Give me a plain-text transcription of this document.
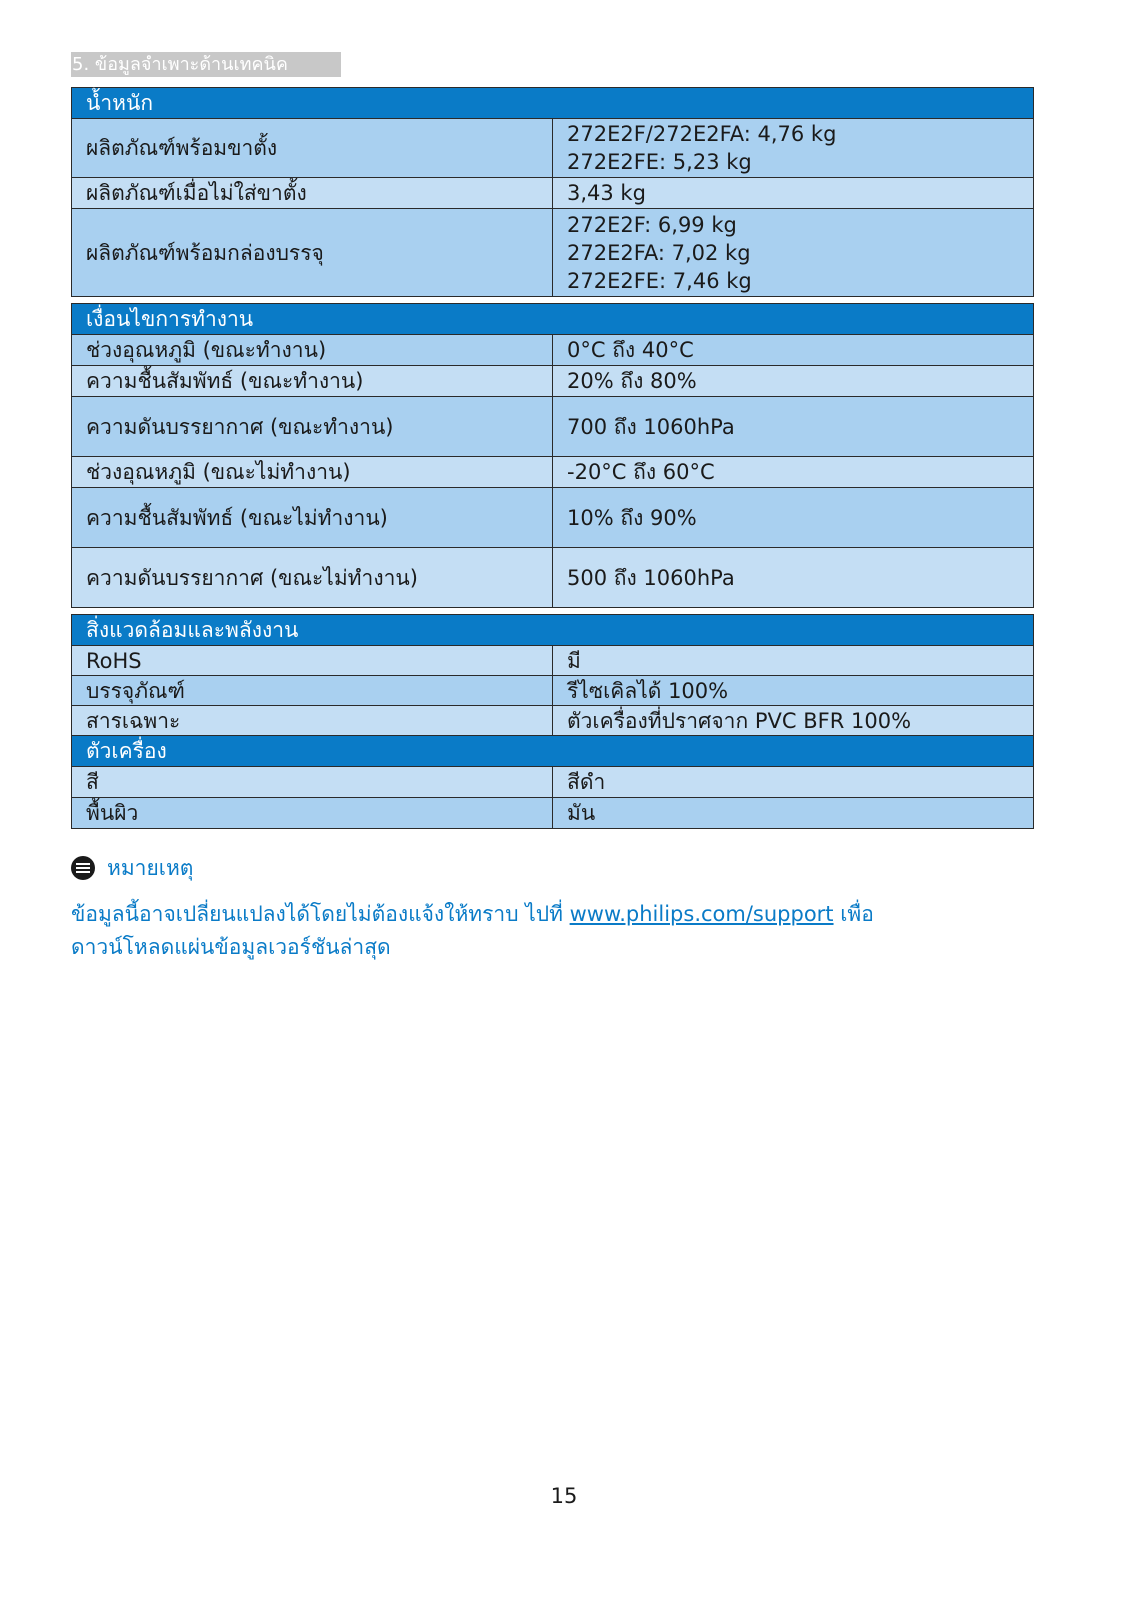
5. ข้อมูลจำเพาะด้านเทคนิค
น้ำหนัก	
ผลิตภัณฑ์พร้อมขาตั้ง	272E2F/272E2FA: 4,76 kg
272E2FE: 5,23 kg

ผลิตภัณฑ์เมื่อไม่ใส่ขาตั้ง	3,43 kg
ผลิตภัณฑ์พร้อมกล่องบรรจุ	272E2F: 6,99 kg
272E2FA: 7,02 kg
272E2FE: 7,46 kg
เงื่อนไขการทำงาน	
ช่วงอุณหภูมิ (ขณะทำงาน)	0°C ถึง 40°C
ความชื้นสัมพัทธ์ (ขณะทำงาน)	20% ถึง 80%
ความดันบรรยากาศ (ขณะทำงาน)	700 ถึง 1060hPa
ช่วงอุณหภูมิ (ขณะไม่ทำงาน)	-20°C ถึง 60°C
ความชื้นสัมพัทธ์ (ขณะไม่ทำงาน)	10% ถึง 90%
ความดันบรรยากาศ (ขณะไม่ทำงาน)	500 ถึง 1060hPa
สิ่งแวดล้อมและพลังงาน	
RoHS	มี
บรรจุภัณฑ์	รีไซเคิลได้ 100%
สารเฉพาะ	ตัวเครื่องที่ปราศจาก PVC BFR 100%
ตัวเครื่อง	
สี	สีดำ
พื้นผิว	มัน
หมายเหตุ
ข้อมูลนี้อาจเปลี่ยนแปลงได้โดยไม่ต้องแจ้งให้ทราบ ไปที่ www.philips.com/support เพื่อดาวน์โหลดแผ่นข้อมูลเวอร์ชันล่าสุด
15
